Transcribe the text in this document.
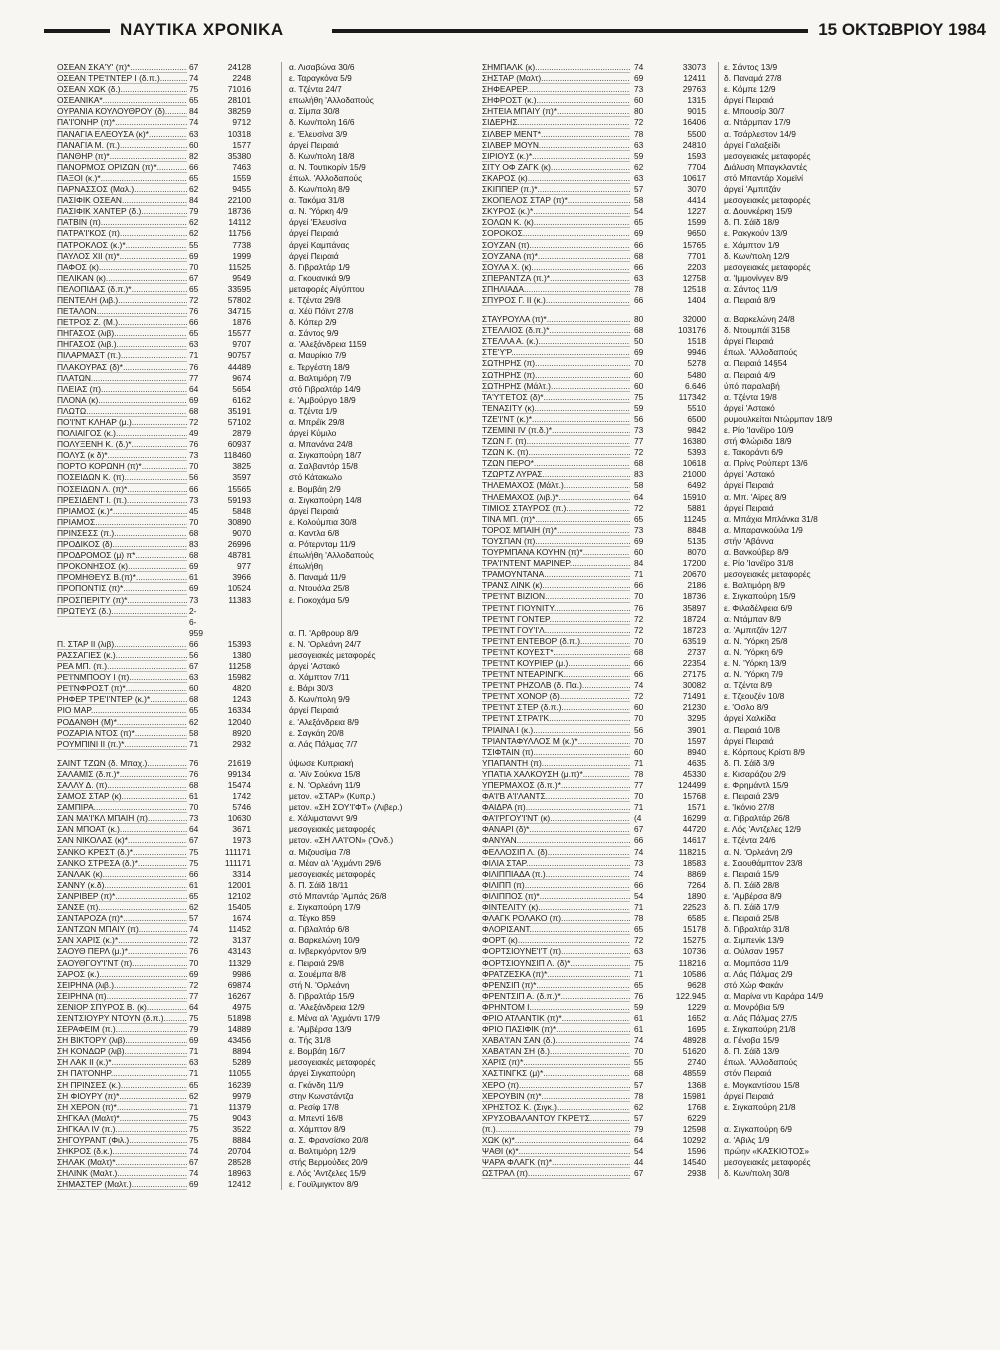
ΝΑΥΤΙΚΑ ΧΡΟΝΙΚΑ	15 ΟΚΤΩΒΡΙΟΥ 1984
ΟΣΕΑΝ ΣΚΑ'Υ' (π)* .....	67	24128	α. Λισαβώνα 30/6
ΟΣΕΑΝ ΤΡΕ'Ι'ΝΤΕΡ Ι (δ.π.) .....	74	2248	ε. Ταραγκόνα 5/9
ΟΣΕΑΝ ΧΩΚ (δ.) .....	75	71016	α. Τζέντα 24/7
ΟΣΕΑΝΙΚΑ* .....	65	28101	επωλήθη 'Αλλοδαπούς
ΟΥΡΑΝΙΑ ΚΟΥΛΟΥΘΡΟΥ (δ) .....	84	38259	α. Σίμπα 30/8
ΠΑ'Ι'ΟΝΗΡ (π)* .....	74	9712	δ. Κων/πολη 16/6
ΠΑΝΑΓΙΑ ΕΛΕΟΥΣΑ (κ)* .....	63	10318	ε. 'Ελευσίνα 3/9
ΠΑΝΑΓΙΑ Μ. (π.) .....	60	1577	άργεί Πειραιά
ΠΑΝΘΗΡ (π)* .....	82	35380	δ. Κων/πολη 18/8
ΠΑΝΟΡΜΟΣ ΟΡΙΖΩΝ (π)* .....	66	7463	α. Ν. Τουτικορίν 15/9
ΠΑΞΟΙ (κ.)* .....	65	1559	έπωλ. 'Αλλοδαπούς
ΠΑΡΝΑΣΣΟΣ (Μαλ.) .....	62	9455	δ. Κων/πολη 8/9
ΠΑΣΙΦΙΚ ΟΣΕΑΝ .....	84	22100	α. Τακόμα 31/8
ΠΑΣΙΦΙΚ ΧΑΝΤΕΡ (δ.) .....	79	18736	α. Ν. 'Υόρκη 4/9
ΠΑΤΒΙΝ (π) .....	62	14112	άργεί 'Ελευσίνα
ΠΑΤΡΑ'Ι'ΚΟΣ (π) .....	62	11756	άργεί Πειραιά
ΠΑΤΡΟΚΛΟΣ (κ.)* .....	55	7738	άργεί Καμπάνας
ΠΑΥΛΟΣ XII (π)* .....	69	1999	άργεί Πειραιά
ΠΑΦΟΣ (κ) .....	70	11525	δ. Γιβραλτάρ 1/9
ΠΕΛΙΚΑΝ (κ) .....	67	9549	α. Γκουανικά 9/9
ΠΕΛΟΠΙΔΑΣ (δ.π.)* .....	65	33595	μεταφορές Αίγύπτου
ΠΕΝΤΕΛΗ (λιβ.) .....	72	57802	ε. Τζέντα 29/8
ΠΕΤΑΛΟΝ .....	76	34715	α. Χέϋ Πόϊντ 27/8
ΠΕΤΡΟΣ Ζ. (Μ.) .....	66	1876	δ. Κόπερ 2/9
ΠΗΓΑΣΟΣ (λιβ) .....	65	15577	α. Σάντος 9/9
ΠΗΓΑΣΟΣ (λιβ.) .....	63	9707	α. 'Αλεξάνδρεια 1159
ΠΙΛΑΡΜΑΣΤ (π.) .....	71	90757	α. Μαυρίκιο 7/9
ΠΛΑΚΟΥΡΑΣ (δ)* .....	76	44489	ε. Τεργέστη 18/9
ΠΛΑΤΩΝ .....	77	9674	α. Βαλτιμόρη 7/9
ΠΛΕΙΑΣ (π) .....	64	5654	στό Γιβραλτάρ 14/9
ΠΛΟΝΑ (κ) .....	69	6162	ε. 'Αμβούργο 18/9
ΠΛΩΤΩ .....	68	35191	α. Τζέντα 1/9
ΠΟ'Ι'ΝΤ ΚΛΗΑΡ (μ.) .....	72	57102	α. Μπρέϊκ 29/8
ΠΟΛΙΑΙΓΟΣ (κ.) .....	49	2879	άργεί Κύμιλο
ΠΟΛΥΞΕΝΗ Κ. (δ.)* .....	76	60937	α. Μπανάνα 24/8
ΠΟΛΥΣ (κ δ)* .....	73	118460	α. Σιγκαπούρη 18/7
ΠΟΡΤΟ ΚΟΡΩΝΗ (π)* .....	70	3825	α. Σαλβαντόρ 15/8
ΠΟΣΕΙΔΩΝ Κ. (π) .....	56	3597	στό Κάτακωλο
ΠΟΣΕΙΔΩΝ Λ. (π)* .....	66	15565	ε. Βομβάη 2/9
ΠΡΕΣΙΔΕΝΤ Ι. (π.) .....	73	59193	α. Σιγκαπούρη 14/8
ΠΡΙΑΜΟΣ (κ.)* .....	45	5848	άργεί Πειραιά
ΠΡΙΑΜΟΣ .....	70	30890	ε. Κολούμπια 30/8
ΠΡΙΝΣΕΣΣ (π.) .....	68	9070	α. Καντλα 6/8
ΠΡΟΔΙΚΟΣ (δ) .....	83	26996	α. Ρότερνταμ 11/9
ΠΡΟΔΡΟΜΟΣ (μ) π* .....	68	48781	έπωλήθη 'Αλλοδαπούς
ΠΡΟΚΟΝΗΣΟΣ (κ) .....	69	977	έπωλήθη
ΠΡΟΜΗΘΕΥΣ Β.(π)* .....	61	3966	δ. Παναμά 11/9
ΠΡΟΠΟΝΤΙΣ (π)* .....	69	10524	α. Ντουάλα 25/8
ΠΡΟΣΠΕΡΙΤΥ (π)* .....	73	11383	ε. Γιοκοχάμα 5/9
ΠΡΩΤΕΥΣ (δ.) .....	2-
6-
959	α. Π. 'Αρθρουρ 8/9
Π. ΣΤΑΡ ΙΙ (λιβ) .....	66	15393	ε. Ν. 'Ορλεάνη 24/7
ΡΑΣΣΑΓΙΕΣ (κ.) .....	56	1380	μεσογειακές μεταφορές
ΡΕΑ ΜΠ. (π.) .....	67	11258	άργεί 'Αστακό
ΡΕ'Ι'ΝΜΠΟΟΥ Ι (π) .....	63	15982	α. Χάμπτον 7/11
ΡΕ'Ι'ΝΦΡΟΣΤ (π)* .....	60	4820	ε. Βάρι 30/3
ΡΗΦΕΡ ΤΡΕ'Ι'ΝΤΕΡ (κ.)* .....	68	1243	δ. Κων/πολη 9/9
ΡΙΟ ΜΑΡ .....	65	16334	άργεί Πειραιά
ΡΟΔΑΝΘΗ (Μ)* .....	62	12040	ε. 'Αλεξάνδρεια 8/9
ΡΟΖΑΡΙΑ ΝΤΟΣ (π)* .....	58	8920	ε. Σαγκάη 20/8
ΡΟΥΜΠΙΝΙ ΙΙ (π.)* .....	71	2932	α. Λάς Πάλμας 7/7
ΣΑΙΝΤ ΤΖΩΝ (δ. Μπαχ.) .....	76	21619	ύψωσε Κυπριακή
ΣΑΛΑΜΙΣ (δ.π.)* .....	76	99134	α. 'Αϊν Σούκνα 15/8
ΣΑΛΛΥ Δ. (π) .....	68	15474	ε. Ν. 'Ορλεάνη 11/9
ΣΑΜΟΣ ΣΤΑΡ (κ) .....	61	1742	μετον. «ΣΤΑΡ» (Κυπρ.)
ΣΑΜΠΙΡΑ .....	70	5746	μετον. «ΣΗ ΣΟΥ'Ι'ΦΤ» (Λιβερ.)
ΣΑΝ ΜΑ'Ι'ΚΛ ΜΠΑΙΗ (π) .....	73	10630	ε. Χάλιμστανντ 9/9
ΣΑΝ ΜΠΟΑΤ (κ.) .....	64	3671	μεσογειακές μεταφορές
ΣΑΝ ΝΙΚΟΛΑΣ (κ)* .....	67	1973	μετον. «ΣΗ ΛΑ'Ι'ΟΝ» ('Ονδ.)
ΣΑΝΚΟ ΚΡΕΣΤ (δ.)* .....	75	111171	α. Μιζουσίμα 7/8
ΣΑΝΚΟ ΣΤΡΕΣΑ (δ.)* .....	75	111171	α. Μέαν αλ 'Αχμάντι 29/6
ΣΑΝΛΑΚ (κ) .....	66	3314	μεσογειακές μεταφορές
ΣΑΝΝΥ (κ.δ) .....	61	12001	δ. Π. Σάϊδ 18/11
ΣΑΝΡΙΒΕΡ (π)* .....	65	12102	στό Μπαντάρ 'Αμπάς 26/8
ΣΑΝΣΕ (π) .....	62	15405	ε. Σιγκαπούρη 17/9
ΣΑΝΤΑΡΟΖΑ (π)* .....	57	1674	α. Τέγκο 859
ΣΑΝΤΖΩΝ ΜΠΑΙΥ (π) .....	74	11452	α. Γιβλαλτάρ 6/8
ΣΑΝ ΧΑΡΙΣ (κ.)* .....	72	3137	α. Βαρκελώνη 10/9
ΣΑΟΥΘ ΠΕΡΛ (μ.)* .....	76	43143	α. Ινβερκγόρντον 9/9
ΣΑΟΥΘΓΟΥ'Ι'ΝΤ (π) .....	70	11329	ε. Πειραιά 29/8
ΣΑΡΟΣ (κ.) .....	69	9986	α. Σουέμπα 8/8
ΣΕΙΡΗΝΑ (λιβ.) .....	72	69874	στή Ν. 'Ορλεάνη
ΣΕΙΡΗΝΑ (π) .....	77	16267	δ. Γιβραλτάρ 15/9
ΣΕΝΙΟΡ ΣΠΥΡΟΣ Β. (κ) .....	64	4975	α. 'Αλεξάνδρεια 12/9
ΣΕΝΤΣΙΟΥΡΥ ΝΤΟΥΝ (δ.π.) .....	75	51898	ε. Μένα αλ 'Αχμάντι 17/9
ΣΕΡΑΦΕΙΜ (π.) .....	79	14889	ε. 'Αμβέρσα 13/9
ΣΗ ΒΙΚΤΟΡΥ (λιβ) .....	69	43456	α. Τής 31/8
ΣΗ ΚΟΝΔΩΡ (λιβ) .....	71	8894	ε. Βομβάη 16/7
ΣΗ ΛΑΚ ΙΙ (κ.)* .....	63	5289	μεσογειακές μεταφορές
ΣΗ ΠΑ'Ι'ΟΝΗΡ .....	71	11055	άργεί Σιγκαπούρη
ΣΗ ΠΡΙΝΣΕΣ (κ.) .....	65	16239	α. Γκάνδη 11/9
ΣΗ ΦΙΟΥΡΥ (π)* .....	62	9979	στην Κωνστάντζα
ΣΗ ΧΕΡΟΝ (π)* .....	71	11379	α. Ρεσίφ 17/8
ΣΗΓΚΑΛ (Μαλτ)* .....	75	9043	α. Μπεντί 16/8
ΣΗΓΚΑΛ IV (π.) .....	75	3522	α. Χάμπτον 8/9
ΣΗΓΟΥΡΑΝΤ (Φιλ.) .....	75	8884	α. Σ. Φρανσίσκο 20/8
ΣΗΚΡΟΣ (δ.κ.) .....	74	20704	α. Βαλτιμόρη 12/9
ΣΗΛΑΚ (Μαλτ)* .....	67	28528	στής Βερμούδες 20/9
ΣΗΛΙΝΚ (Μαλτ.) .....	74	18963	ε. Λός 'Αντζελες 15/9
ΣΗΜΑΣΤΕΡ (Μαλτ.) .....	69	12412	ε. Γουϊλμιγκτον 8/9
ΣΗΜΠΑΛΚ (κ) .....	74	33073 ε. Σάντος 13/9
ΣΗΣΤΑΡ (Μαλτ) .....	69	12411 δ. Παναμά 27/8
ΣΗΦΕΑΡΕΡ .....	73	29763 ε. Κόμπε 12/9
ΣΗΦΡΟΣΤ (κ.) .....	60	1315 άργεί Πειραιά
ΣΗΤΕΙΑ ΜΠΑΙΥ (π)* .....	80	9015 ε. Μπουσίρ 30/7
ΣΙΔΕΡΗΣ .....	72	16406 α. Ντάρμπαν 17/9
ΣΙΛΒΕΡ ΜΕΝΤ* .....	78	5500 α. Τσάρλεστον 14/9
ΣΙΛΒΕΡ ΜΟΥΝ .....	63	24810 άργεί Γαλαξείδι
ΣΙΡΙΟΥΣ (κ.)* .....	59	1593 μεσογειακές μεταφορές
ΣΙΤΥ ΟΦ ΖΑΓΚ (κ) .....	62	7704 Διάλυση Μπαγκλαντές
ΣΚΑΡΟΣ (κ) .....	63	10617 στό Μπαντάρ Χομεϊνί
ΣΚΙΠΠΕΡ (π.)* .....	57	3070 άργεί 'Αμπιτζάν
ΣΚΟΠΕΛΟΣ ΣΤΑΡ (π)* .....	58	4414 μεσογειακές μεταφορές
ΣΚΥΡΟΣ (κ.)* .....	54	1227 α. Δουνκέρκη 15/9
ΣΟΛΩΝ Κ. (κ) .....	65	1599 δ. Π. Σάϊδ 18/9
ΣΟΡΟΚΟΣ .....	69	9650 ε. Ρακγκούν 13/9
ΣΟΥΖΑΝ (π) .....	66	15765 ε. Χάμπτον 1/9
ΣΟΥΖΑΝΑ (π)* .....	68	7701 δ. Κων/πολη 12/9
ΣΟΥΛΑ Χ. (κ) .....	66	2203 μεσογειακές μεταφορές
ΣΠΕΡΑΝΤΖΑ (π.)* .....	63	12758 α. 'Ιμμονίνγεν 8/9
ΣΠΗΛΙΑΔΑ .....	78	12518 α. Σάντος 11/9
ΣΠΥΡΟΣ Γ. ΙΙ (κ.) .....	66	1404 α. Πειραιά 8/9
ΣΤΑΥΡΟΥΛΑ (π)* .....	80	32000 α. Βαρκελώνη 24/8
ΣΤΕΛΛΙΟΣ (δ.π.)* .....	68	103176 δ. Ντουμπάϊ 3158
ΣΤΕΛΛΑ Α. (κ.) .....	50	1518 άργεί Πειραιά
ΣΤΕ'Υ'Ρ .....	69	9946 έπωλ. 'Αλλοδαπούς
ΣΩΤΗΡΗΣ (π) .....	70	5278 α. Πειραιά 14§54
ΣΩΤΗΡΗΣ (π) .....	60	5480 α. Πειραιά 4/9
ΣΩΤΗΡΗΣ (Μάλτ.) .....	60	6.646 ύπό παραλαβή
ΤΑ'Υ'ΓΕΤΟΣ (δ)* .....	75	117342 α. Τζέντα 19/8
ΤΕΝΑΣΙΤΥ (κ) .....	59	5510 άργεί 'Αστακό
ΤΖΕ'Ι'ΝΤ (κ.)* .....	56	6500 ρυμουλκείται Ντώρμπαν 18/9
ΤΖΕΜΙΝΙ IV (π.δ.)* .....	73	9842 ε. Ρίο 'Ιανέϊρο 10/9
ΤΖΩΝ Γ. (π) .....	77	16380 στή Φλώριδα 18/9
ΤΖΩΝ Κ. (π) .....	72	5393 ε. Τακοράντι 6/9
ΤΖΩΝ ΠΕΡΟ* .....	68	10618 α. Πρίνς Ρούπερτ 13/6
ΤΖΩΡΤΖ ΛΥΡΑΣ .....	83	21000 άργεί 'Αστακό
ΤΗΛΕΜΑΧΟΣ (Μάλτ.) .....	58	6492 άργεί Πειραιά
ΤΗΛΕΜΑΧΟΣ (λιβ.)* .....	64	15910 α. Μπ. 'Αϊρες 8/9
ΤΙΜΙΟΣ ΣΤΑΥΡΟΣ (π.) .....	72	5881 άργεί Πειραιά
ΤΙΝΑ ΜΠ. (π)* .....	65	11245 α. Μπάχια Μπλάνκα 31/8
ΤΟΡΟΣ ΜΠΑΙΗ (π)* .....	73	8848 α. Μπαρανκούιλα 1/9
ΤΟΥΣΠΑΝ (π) .....	69	5135 στήν 'Αβάννα
ΤΟΥΡΜΠΑΝΑ ΚΟΥΗΝ (π)* .....	60	8070 α. Βανκούβερ 8/9
ΤΡΑ'Ι'ΝΤΕΝΤ ΜΑΡΙΝΕΡ .....	84	17200 ε. Ρίο 'Ιανέϊρο 31/8
ΤΡΑΜΟΥΝΤΑΝΑ .....	71	20670 μεσογειακές μεταφορές
ΤΡΑΝΣ ΛΙΝΚ (κ) .....	66	2186 ε. Βαλτιμόρη 8/9
ΤΡΕ'Ι'ΝΤ ΒΙΖΙΟΝ .....	70	18736 ε. Σιγκαπούρη 15/9
ΤΡΕ'Ι'ΝΤ ΓΙΟΥΝΙΤΥ .....	76	35897 ε. Φιλαδέλφεια 6/9
ΤΡΕ'Ι'ΝΤ ΓΟΝΤΕΡ .....	72	18724 α. Ντάμπαν 8/9
ΤΡΕ'Ι'ΝΤ ΓΟΥ'Ι'Λ .....	72	18723 α. 'Αμπιτζάν 12/7
ΤΡΕ'Ι'ΝΤ ΕΝΤΕΒΟΡ (δ.π.) .....	70	63519 α. Ν. 'Υόρκη 25/8
ΤΡΕ'Ι'ΝΤ ΚΟΥΕΣΤ* .....	68	2737 α. Ν. 'Υόρκη 6/9
ΤΡΕ'Ι'ΝΤ ΚΟΥΡΙΕΡ (μ.) .....	66	22354 ε. Ν. 'Υόρκη 13/9
ΤΡΕ'Ι'ΝΤ ΝΤΕΑΡΙΝΓΚ .....	66	27175 α. Ν. 'Υόρκη 7/9
ΤΡΕ'Ι'ΝΤ ΡΗΖΟΛΒ (δ. Πα.) .....	74	30082 α. Τζέντα 8/9
ΤΡΕ'Ι'ΝΤ ΧΟΝΟΡ (δ) .....	72	71491 ε. Τζεουζέν 10/8
ΤΡΕ'Ι'ΝΤ ΣΤΕΡ (δ.π.) .....	60	21230 ε. 'Οσλο 8/9
ΤΡΕ'Ι'ΝΤ ΣΤΡΑ'Ι'Κ .....	70	3295 άργεί Χαλκίδα
ΤΡΙΑΙΝΑ Ι (κ.) .....	56	3901 α. Πειραιά 10/8
ΤΡΙΑΝΤΑΦΥΛΛΟΣ Μ (κ.)* .....	70	1597 άργεί Πειραιά
ΤΣΙΦΤΑΙΝ (π) .....	60	8940 ε. Κόρπους Κρίστι 8/9
ΥΠΑΠΑΝΤΗ (π) .....	71	4635 δ. Π. Σάϊδ 3/9
ΥΠΑΤΙΑ ΧΑΛΚΟΥΣΗ (μ.π)* .....	78	45330 ε. Κισαράζου 2/9
ΥΠΕΡΜΑΧΟΣ (δ.π.)* .....	77	124499 ε. Φρημάντλ 15/9
ΦΑ'Ι'Β Α'Ι'ΛΑΝΤΣ .....	70	15768 ε. Πειραιά 23/9
ΦΑΙΔΡΑ (π) .....	71	1571 ε. 'Ικόνιο 27/8
ΦΑ'Ι'ΡΓΟΥ'Ι'ΝΤ (κ) .....	(4	16299 α. Γιβραλτάρ 26/8
ΦΑΝΑΡΙ (δ)* .....	67	44720 ε. Λός 'Αντζελες 12/9
ΦΑΝΥΑΝ .....	66	14617 ε. Τζέντα 24/6
ΦΕΛΛΟΣΙΠ Λ. (δ) .....	74	118215 α. Ν. 'Ορλεάνη 2/9
ΦΙΛΙΑ ΣΤΑΡ .....	73	18583 ε. Σαουθάμπτον 23/8
ΦΙΛΙΠΠΙΑΔΑ (π.) .....	74	8869 ε. Πειραιά 15/9
ΦΙΛΙΠΠ (π) .....	66	7264 δ. Π. Σάϊδ 28/8
ΦΙΛΙΠΠΟΣ (π)* .....	54	1890 ε. 'Αμβέρσα 8/9
ΦΙΝΤΕΛΙΤΥ (κ) .....	71	22523 δ. Π. Σάϊδ 17/9
ΦΛΑΓΚ ΡΟΛΑΚΟ (π) .....	78	6585 ε. Πειραιά 25/8
ΦΛΟΡΙΣΑΝΤ .....	65	15178 δ. Γιβραλτάρ 31/8
ΦΟΡΤ (κ) .....	72	15275 α. Σιμπενίκ 13/9
ΦΟΡΤΣΙΟΥΝΕ'Ι'Τ (π) .....	63	10736 α. Ούλσαν 1957
ΦΟΡΤΣΙΟΥΝΣΙΠ Λ. (δ)* .....	75	118216 α. Μομπάσα 11/9
ΦΡΑΤΖΕΣΚΑ (π)* .....	71	10586 α. Λάς Πάλμας 2/9
ΦΡΕΝΣΙΠ (π)* .....	65	9628 στό Χώρ Φακάν
ΦΡΕΝΤΣΙΠ Α. (δ.π.)* .....	76	122.945 α. Μαρίνα ντι Καράρα 14/9
ΦΡΗΝΤΟΜ Ι .....	59	1229 α. Μονρόβια 5/9
ΦΡΙΟ ΑΤΛΑΝΤΙΚ (π)* .....	61	1652 α. Λάς Πάλμας 27/5
ΦΡΙΟ ΠΑΣΙΦΙΚ (π)* .....	61	1695 ε. Σιγκαπούρη 21/8
ΧΑΒΑ'Ι'ΑΝ ΣΑΝ (δ.) .....	74	48928 α. Γένοβα 15/9
ΧΑΒΑ'Ι'ΑΝ ΣΗ (δ.) .....	70	51620 δ. Π. Σάϊδ 13/9
ΧΑΡΙΣ (π)* .....	55	2740 έπωλ. 'Αλλοδαπούς
ΧΑΣΤΙΝΓΚΣ (μ)* .....	68	48559 στόν Πειραιά
ΧΕΡΟ (π) .....	57	1368 ε. Μογκαντίσου 15/8
ΧΕΡΟΥΒΙΝ (π)* .....	78	15981 άργεί Πειραιά
ΧΡΗΣΤΟΣ Κ. (Σιγκ.) .....	62	1768 ε. Σιγκαπούρη 21/8
ΧΡΥΣΟΒΑΛΑΝΤΟΥ ΓΚΡΕ'Ι'Σ .....	57	6229
(π.) .....	79	12598 α. Σιγκαπούρη 6/9
ΧΩΚ (κ)* .....	64	10292 α. 'Αβιλς 1/9
ΨΑΘΙ (κ)* .....	54	1596 πρώην «ΚΑΣΚΙΟΤΟΣ»
ΨΑΡΑ ΦΛΑΓΚ (π)* .....	44	14540 μεσογειακές μεταφορές
ΩΣΤΡΑΛ (π) .....	67	2938 δ. Κων/πολη 30/8
